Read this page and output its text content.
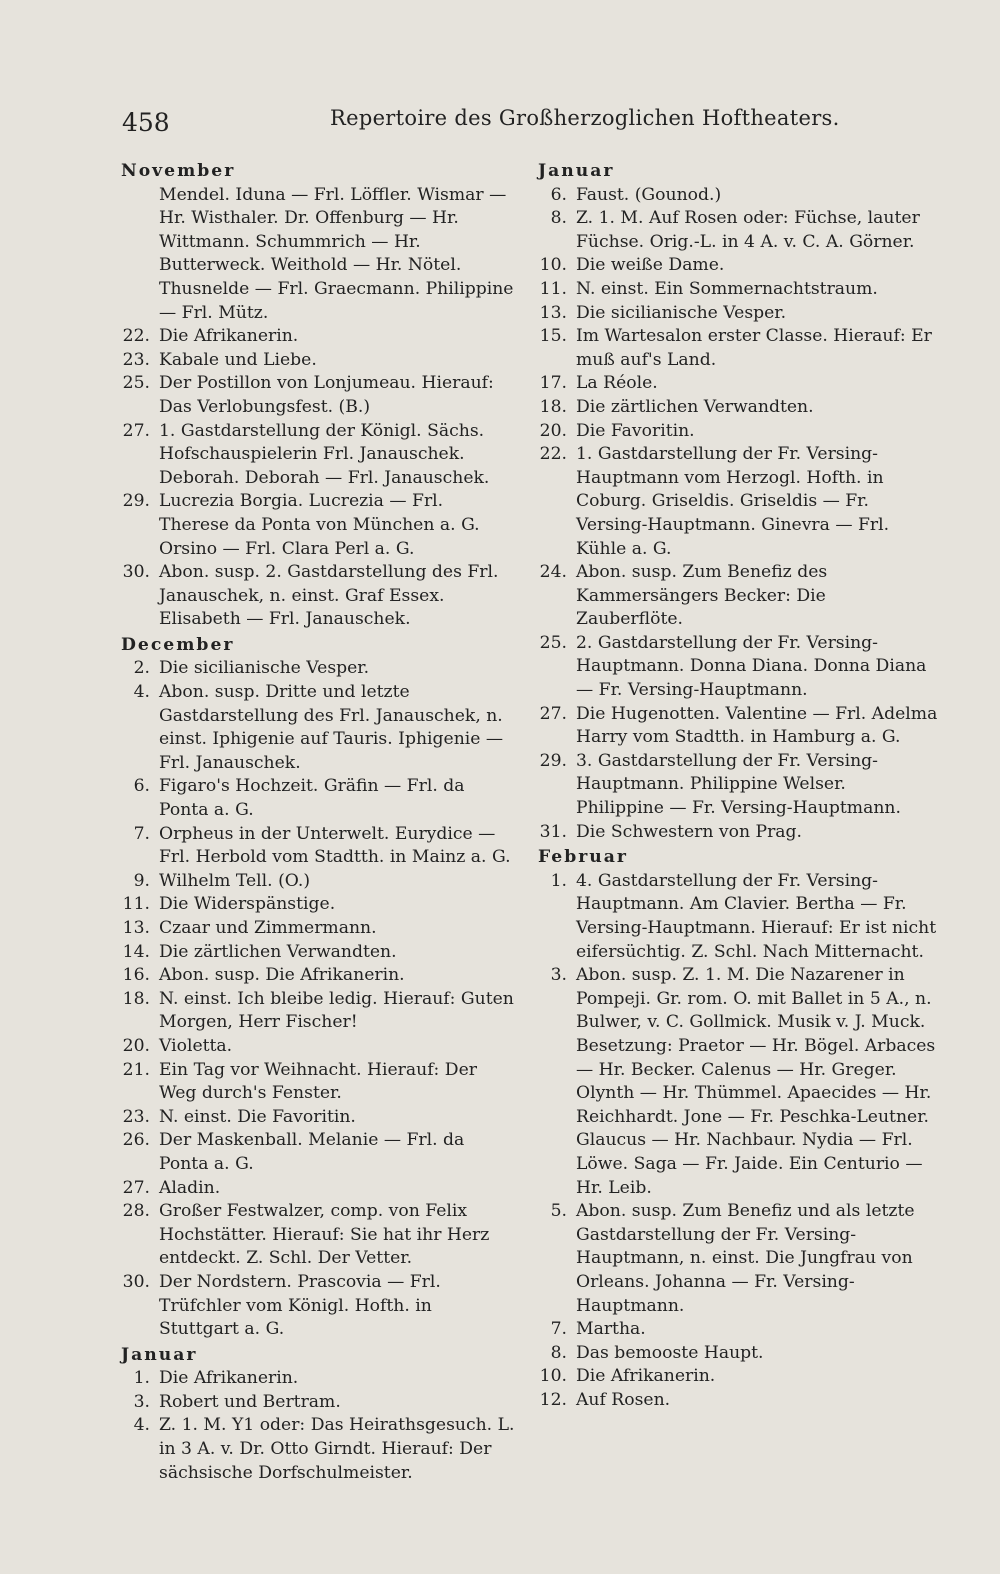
458	Repertoire des Großherzoglichen Hoftheaters.
November
Mendel. Iduna — Frl. Löffler. Wismar — Hr. Wisthaler. Dr. Offenburg — Hr. Wittmann. Schummrich — Hr. Butterweck. Weithold — Hr. Nötel. Thusnelde — Frl. Graecmann. Philippine — Frl. Mütz.
22. Die Afrikanerin.
23. Kabale und Liebe.
25. Der Postillon von Lonjumeau. Hierauf: Das Verlobungsfest. (B.)
27. 1. Gastdarstellung der Königl. Sächs. Hofschauspielerin Frl. Janauschek. Deborah. Deborah — Frl. Janauschek.
29. Lucrezia Borgia. Lucrezia — Frl. Therese da Ponta von München a. G. Orsino — Frl. Clara Perl a. G.
30. Abon. susp. 2. Gastdarstellung des Frl. Janauschek, n. einst. Graf Essex. Elisabeth — Frl. Janauschek.
December
2. Die sicilianische Vesper.
4. Abon. susp. Dritte und letzte Gastdarstellung des Frl. Janauschek, n. einst. Iphigenie auf Tauris. Iphigenie — Frl. Janauschek.
6. Figaro's Hochzeit. Gräfin — Frl. da Ponta a. G.
7. Orpheus in der Unterwelt. Eurydice — Frl. Herbold vom Stadtth. in Mainz a. G.
9. Wilhelm Tell. (O.)
11. Die Widerspänstige.
13. Czaar und Zimmermann.
14. Die zärtlichen Verwandten.
16. Abon. susp. Die Afrikanerin.
18. N. einst. Ich bleibe ledig. Hierauf: Guten Morgen, Herr Fischer!
20. Violetta.
21. Ein Tag vor Weihnacht. Hierauf: Der Weg durch's Fenster.
23. N. einst. Die Favoritin.
26. Der Maskenball. Melanie — Frl. da Ponta a. G.
27. Aladin.
28. Großer Festwalzer, comp. von Felix Hochstätter. Hierauf: Sie hat ihr Herz entdeckt. Z. Schl. Der Vetter.
30. Der Nordstern. Prascovia — Frl. Trüfchler vom Königl. Hofth. in Stuttgart a. G.
Januar
1. Die Afrikanerin.
3. Robert und Bertram.
4. Z. 1. M. Y1 oder: Das Heirathsgesuch. L. in 3 A. v. Dr. Otto Girndt. Hierauf: Der sächsische Dorfschulmeister.
Januar
6. Faust. (Gounod.)
8. Z. 1. M. Auf Rosen oder: Füchse, lauter Füchse. Orig.-L. in 4 A. v. C. A. Görner.
10. Die weiße Dame.
11. N. einst. Ein Sommernachtstraum.
13. Die sicilianische Vesper.
15. Im Wartesalon erster Classe. Hierauf: Er muß auf's Land.
17. La Réole.
18. Die zärtlichen Verwandten.
20. Die Favoritin.
22. 1. Gastdarstellung der Fr. Versing-Hauptmann vom Herzogl. Hofth. in Coburg. Griseldis. Griseldis — Fr. Versing-Hauptmann. Ginevra — Frl. Kühle a. G.
24. Abon. susp. Zum Benefiz des Kammersängers Becker: Die Zauberflöte.
25. 2. Gastdarstellung der Fr. Versing-Hauptmann. Donna Diana. Donna Diana — Fr. Versing-Hauptmann.
27. Die Hugenotten. Valentine — Frl. Adelma Harry vom Stadtth. in Hamburg a. G.
29. 3. Gastdarstellung der Fr. Versing-Hauptmann. Philippine Welser. Philippine — Fr. Versing-Hauptmann.
31. Die Schwestern von Prag.
Februar
1. 4. Gastdarstellung der Fr. Versing-Hauptmann. Am Clavier. Bertha — Fr. Versing-Hauptmann. Hierauf: Er ist nicht eifersüchtig. Z. Schl. Nach Mitternacht.
3. Abon. susp. Z. 1. M. Die Nazarener in Pompeji. Gr. rom. O. mit Ballet in 5 A., n. Bulwer, v. C. Gollmick. Musik v. J. Muck.
Besetzung: Praetor — Hr. Bögel. Arbaces — Hr. Becker. Calenus — Hr. Greger. Olynth — Hr. Thümmel. Apaecides — Hr. Reichhardt. Jone — Fr. Peschka-Leutner. Glaucus — Hr. Nachbaur. Nydia — Frl. Löwe. Saga — Fr. Jaide. Ein Centurio — Hr. Leib.
5. Abon. susp. Zum Benefiz und als letzte Gastdarstellung der Fr. Versing-Hauptmann, n. einst. Die Jungfrau von Orleans. Johanna — Fr. Versing-Hauptmann.
7. Martha.
8. Das bemooste Haupt.
10. Die Afrikanerin.
12. Auf Rosen.
